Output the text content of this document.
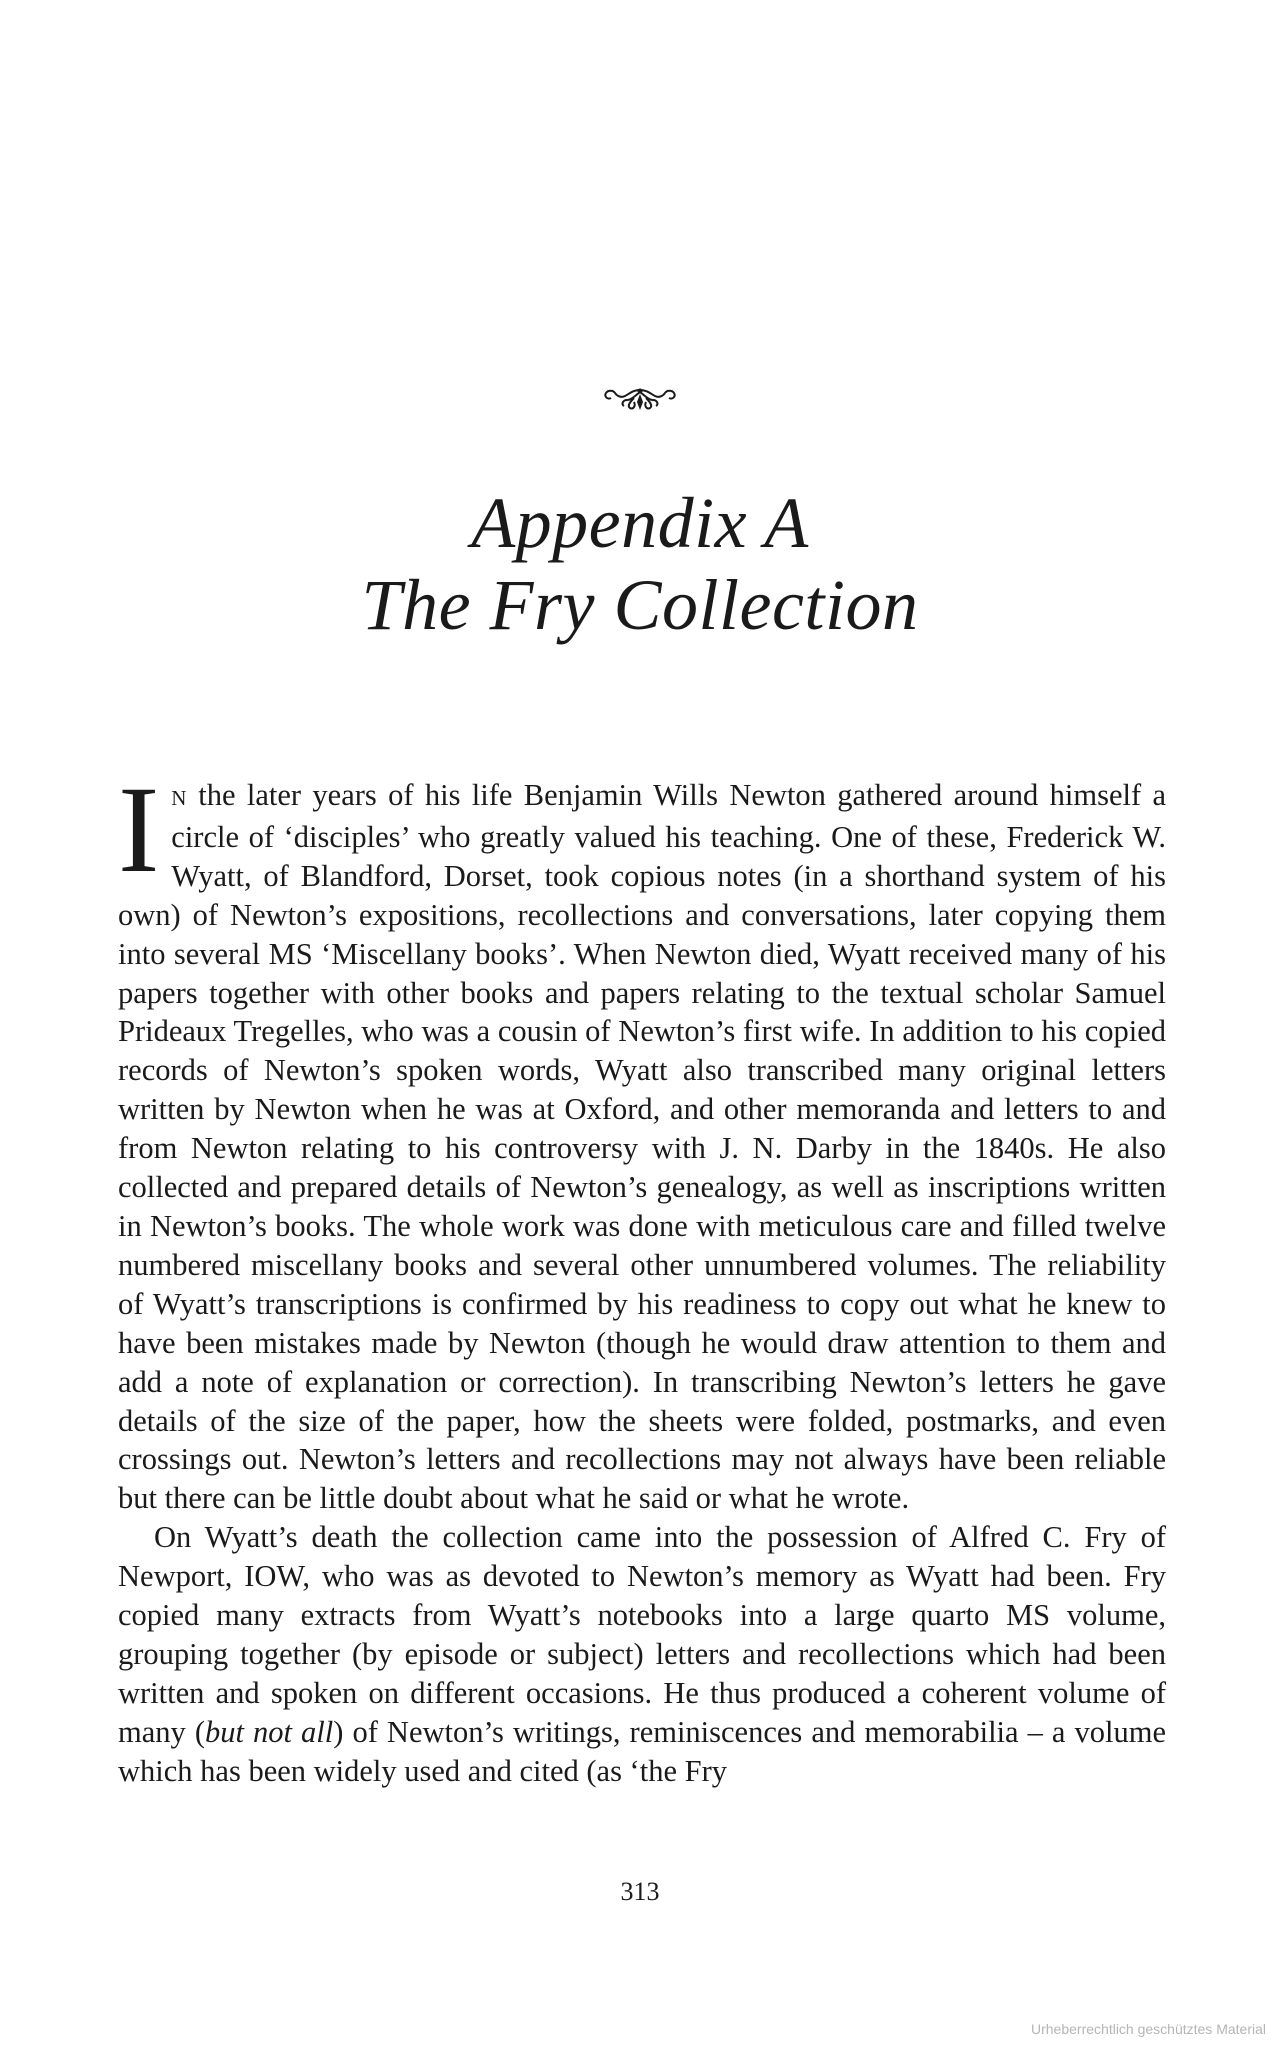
Appendix A
The Fry Collection

I N the later years of his life Benjamin Wills Newton gathered around himself a circle of ‘disciples’ who greatly valued his teaching. One of these, Frederick W. Wyatt, of Blandford, Dorset, took copious notes (in a shorthand system of his own) of Newton’s expositions, recollections and conversations, later copying them into several MS ‘Miscellany books’. When Newton died, Wyatt received many of his papers together with other books and papers relating to the textual scholar Samuel Prideaux Tregelles, who was a cousin of Newton’s first wife. In addition to his copied records of Newton’s spoken words, Wyatt also transcribed many original letters written by Newton when he was at Oxford, and other memoranda and letters to and from Newton relating to his controversy with J. N. Darby in the 1840s. He also collected and prepared details of Newton’s genealogy, as well as inscriptions written in Newton’s books. The whole work was done with meticulous care and filled twelve numbered miscellany books and several other unnumbered volumes. The reliability of Wyatt’s transcriptions is confirmed by his readiness to copy out what he knew to have been mistakes made by Newton (though he would draw attention to them and add a note of explanation or correction). In transcribing Newton’s letters he gave details of the size of the paper, how the sheets were folded, postmarks, and even crossings out. Newton’s letters and recollections may not always have been reliable but there can be little doubt about what he said or what he wrote.

On Wyatt’s death the collection came into the possession of Alfred C. Fry of Newport, IOW, who was as devoted to Newton’s memory as Wyatt had been. Fry copied many extracts from Wyatt’s notebooks into a large quarto MS volume, grouping together (by episode or subject) letters and recollections which had been written and spoken on different occasions. He thus produced a coherent volume of many (but not all) of Newton’s writings, reminiscences and memorabilia – a volume which has been widely used and cited (as ‘the Fry

313
Urheberrechtlich geschütztes Material
